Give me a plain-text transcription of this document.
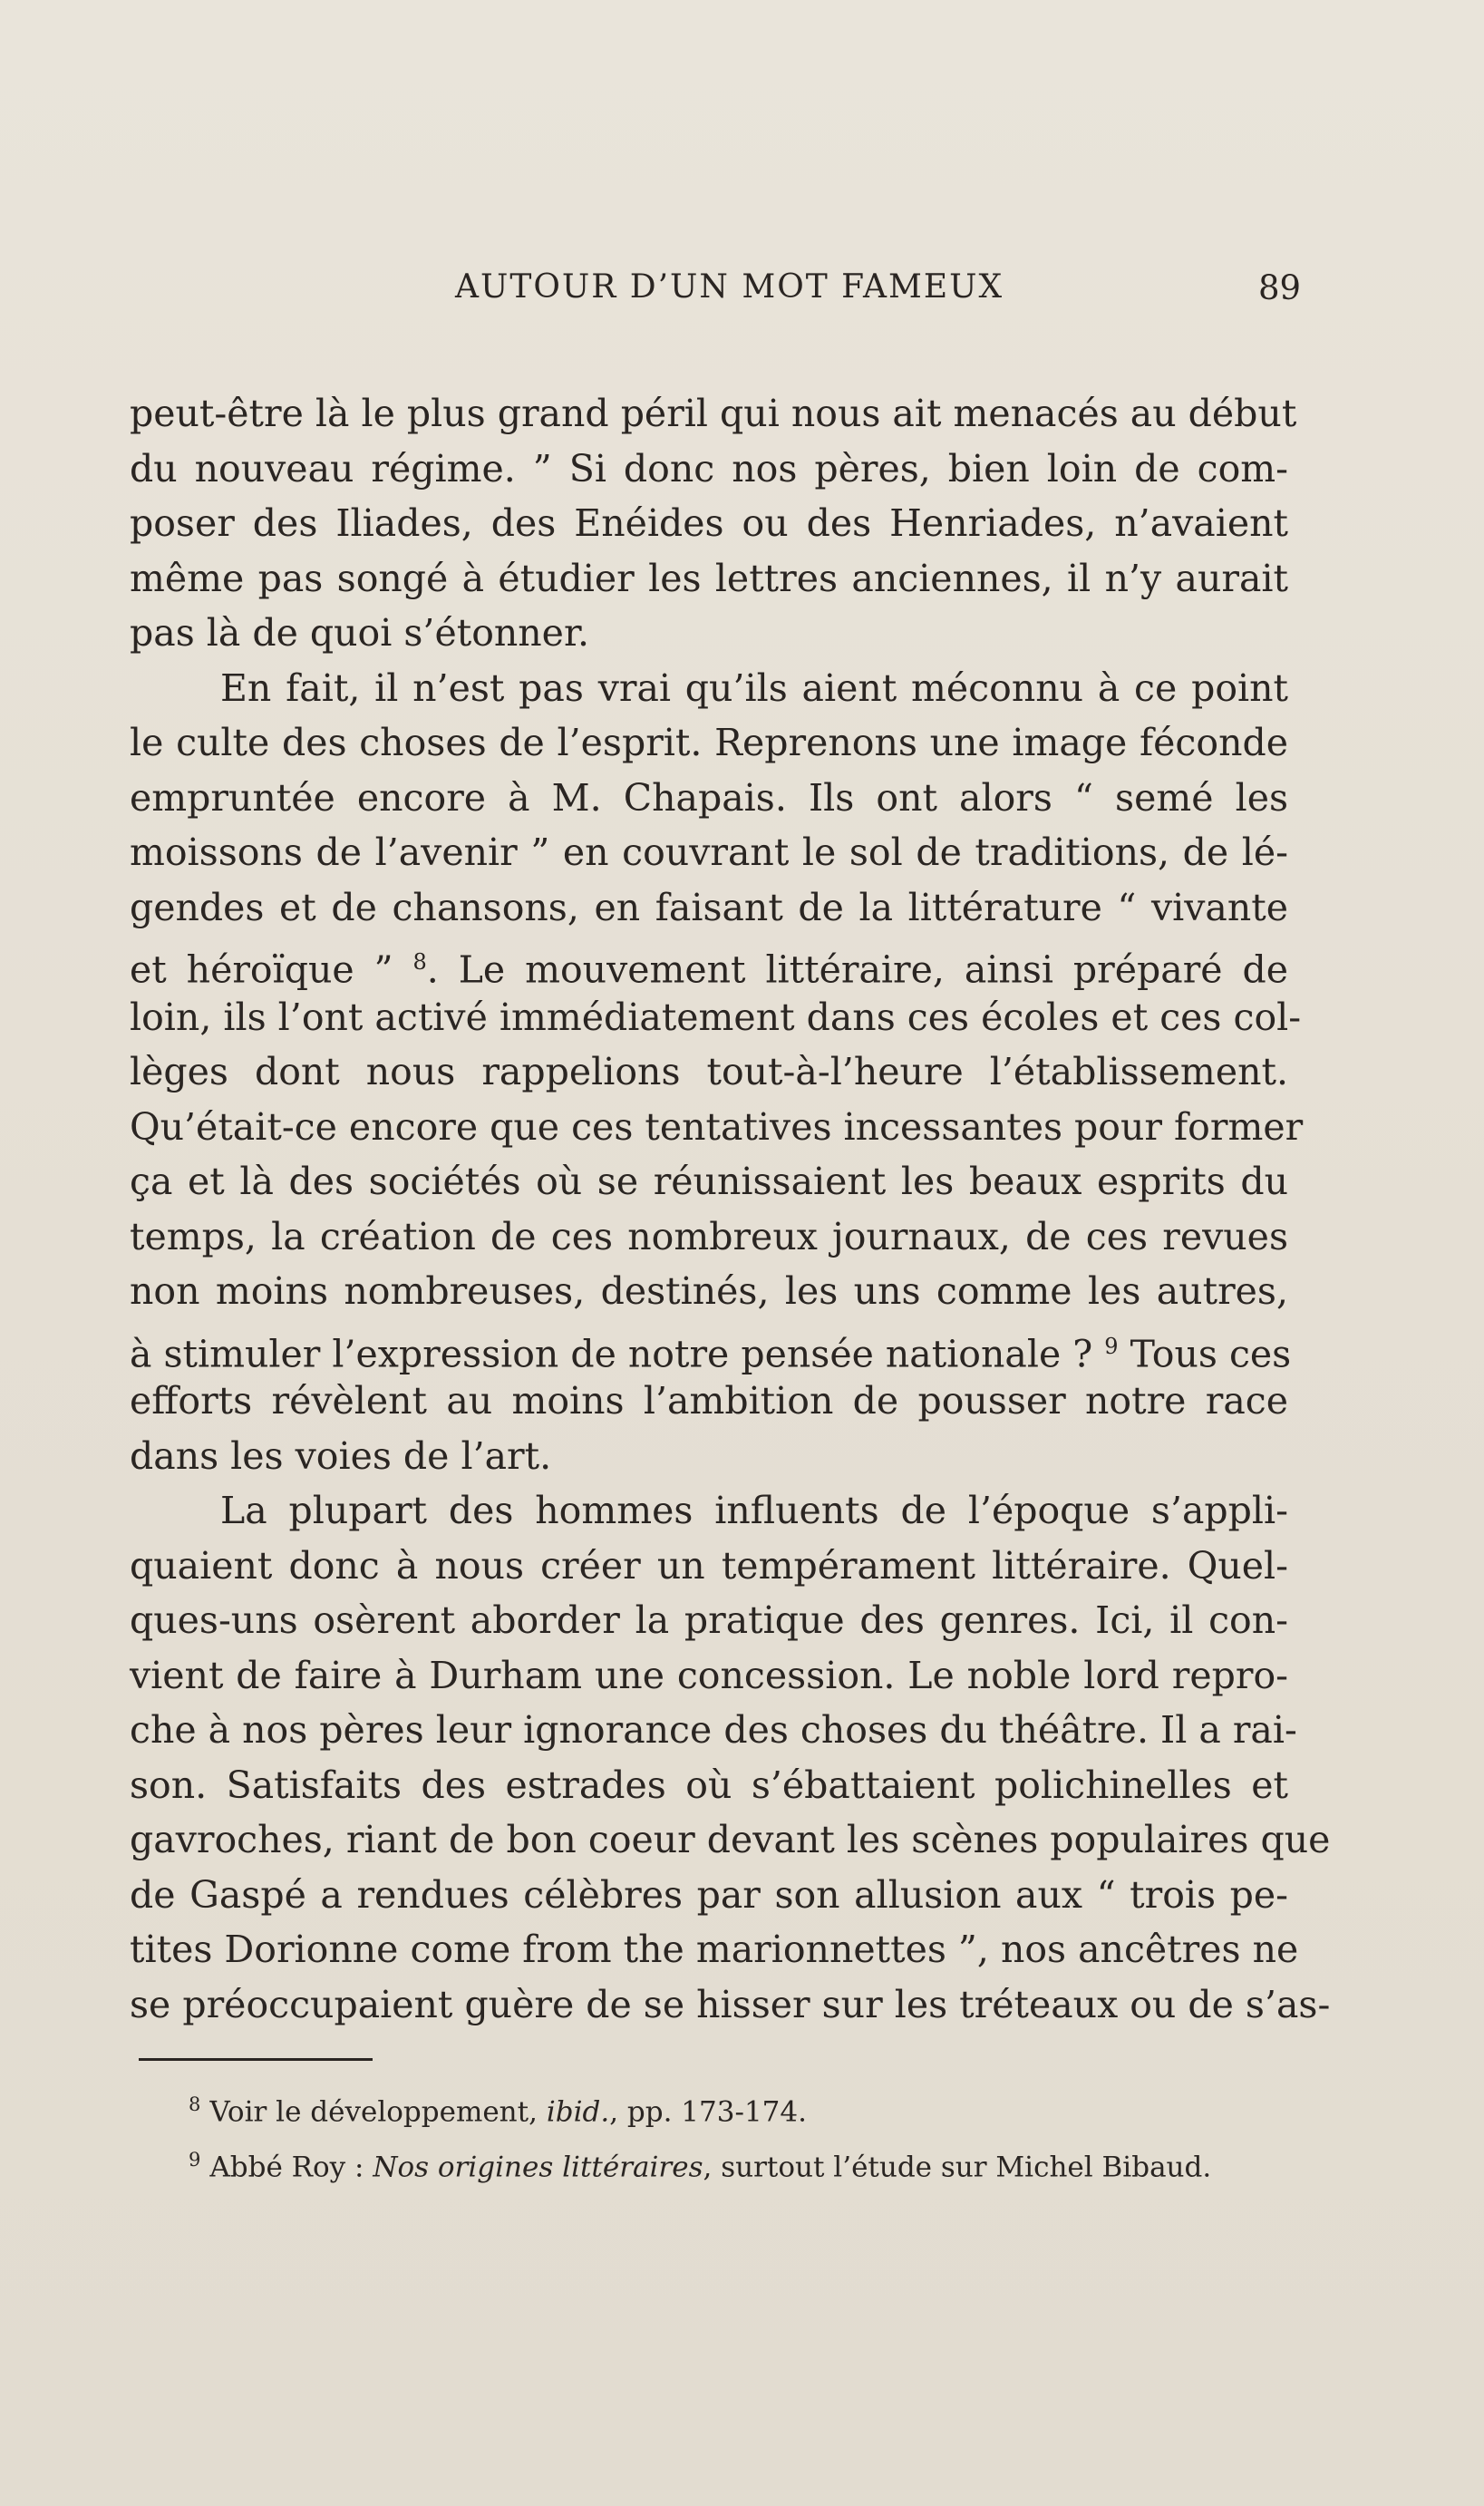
AUTOUR D’UN MOT FAMEUX	89
peut-être là le plus grand péril qui nous ait menacés au début
du nouveau régime. ” Si donc nos pères, bien loin de com-
poser des Iliades, des Enéides ou des Henriades, n’avaient
même pas songé à étudier les lettres anciennes, il n’y aurait
pas là de quoi s’étonner.
En fait, il n’est pas vrai qu’ils aient méconnu à ce point
le culte des choses de l’esprit. Reprenons une image féconde
empruntée encore à M. Chapais. Ils ont alors “ semé les
moissons de l’avenir ” en couvrant le sol de traditions, de lé-
gendes et de chansons, en faisant de la littérature “ vivante
et héroïque ” $^8$. Le mouvement littéraire, ainsi préparé de
loin, ils l’ont activé immédiatement dans ces écoles et ces col-
lèges dont nous rappelions tout-à-l’heure l’établissement.
Qu’était-ce encore que ces tentatives incessantes pour former
ça et là des sociétés où se réunissaient les beaux esprits du
temps, la création de ces nombreux journaux, de ces revues
non moins nombreuses, destinés, les uns comme les autres,
à stimuler l’expression de notre pensée nationale ? $^9$ Tous ces
efforts révèlent au moins l’ambition de pousser notre race
dans les voies de l’art.
La plupart des hommes influents de l’époque s’appli-
quaient donc à nous créer un tempérament littéraire. Quel-
ques-uns osèrent aborder la pratique des genres. Ici, il con-
vient de faire à Durham une concession. Le noble lord repro-
che à nos pères leur ignorance des choses du théâtre. Il a rai-
son. Satisfaits des estrades où s’ébattaient polichinelles et
gavroches, riant de bon coeur devant les scènes populaires que
de Gaspé a rendues célèbres par son allusion aux “ trois pe-
tites Dorionne come from the marionnettes ”, nos ancêtres ne
se préoccupaient guère de se hisser sur les tréteaux ou de s’as-
$^8$ Voir le développement, ibid., pp. 173-174.
$^9$ Abbé Roy : Nos origines littéraires, surtout l’étude sur Michel Bibaud.
